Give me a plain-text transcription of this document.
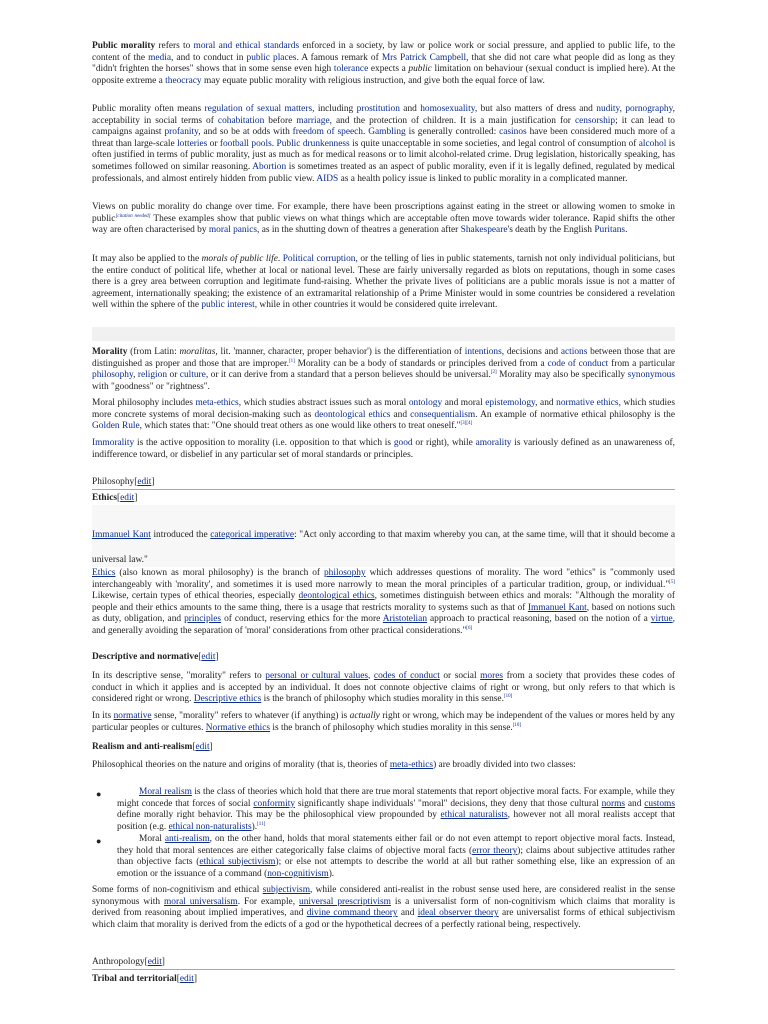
Public morality refers to moral and ethical standards enforced in a society, by law or police work or social pressure, and applied to public life, to the content of the media, and to conduct in public places. A famous remark of Mrs Patrick Campbell, that she did not care what people did as long as they "didn't frighten the horses" shows that in some sense even high tolerance expects a public limitation on behaviour (sexual conduct is implied here). At the opposite extreme a theocracy may equate public morality with religious instruction, and give both the equal force of law.

Public morality often means regulation of sexual matters, including prostitution and homosexuality, but also matters of dress and nudity, pornography, acceptability in social terms of cohabitation before marriage, and the protection of children. It is a main justification for censorship; it can lead to campaigns against profanity, and so be at odds with freedom of speech. Gambling is generally controlled: casinos have been considered much more of a threat than large-scale lotteries or football pools. Public drunkenness is quite unacceptable in some societies, and legal control of consumption of alcohol is often justified in terms of public morality, just as much as for medical reasons or to limit alcohol-related crime. Drug legislation, historically speaking, has sometimes followed on similar reasoning. Abortion is sometimes treated as an aspect of public morality, even if it is legally defined, regulated by medical professionals, and almost entirely hidden from public view. AIDS as a health policy issue is linked to public morality in a complicated manner.

Views on public morality do change over time. For example, there have been proscriptions against eating in the street or allowing women to smoke in public[citation needed] These examples show that public views on what things which are acceptable often move towards wider tolerance. Rapid shifts the other way are often characterised by moral panics, as in the shutting down of theatres a generation after Shakespeare's death by the English Puritans.

It may also be applied to the morals of public life. Political corruption, or the telling of lies in public statements, tarnish not only individual politicians, but the entire conduct of political life, whether at local or national level. These are fairly universally regarded as blots on reputations, though in some cases there is a grey area between corruption and legitimate fund-raising. Whether the private lives of politicians are a public morals issue is not a matter of agreement, internationally speaking; the existence of an extramarital relationship of a Prime Minister would in some countries be considered a revelation well within the sphere of the public interest, while in other countries it would be considered quite irrelevant.

Morality (from Latin: moralitas, lit. 'manner, character, proper behavior') is the differentiation of intentions, decisions and actions between those that are distinguished as proper and those that are improper.[1] Morality can be a body of standards or principles derived from a code of conduct from a particular philosophy, religion or culture, or it can derive from a standard that a person believes should be universal.[2] Morality may also be specifically synonymous with "goodness" or "rightness".

Moral philosophy includes meta-ethics, which studies abstract issues such as moral ontology and moral epistemology, and normative ethics, which studies more concrete systems of moral decision-making such as deontological ethics and consequentialism. An example of normative ethical philosophy is the Golden Rule, which states that: "One should treat others as one would like others to treat oneself."[3][4]

Immorality is the active opposition to morality (i.e. opposition to that which is good or right), while amorality is variously defined as an unawareness of, indifference toward, or disbelief in any particular set of moral standards or principles.

Philosophy[edit]
Ethics[edit]

Immanuel Kant introduced the categorical imperative: "Act only according to that maxim whereby you can, at the same time, will that it should become a universal law."

Ethics (also known as moral philosophy) is the branch of philosophy which addresses questions of morality. The word "ethics" is "commonly used interchangeably with 'morality', and sometimes it is used more narrowly to mean the moral principles of a particular tradition, group, or individual."[5] Likewise, certain types of ethical theories, especially deontological ethics, sometimes distinguish between ethics and morals: "Although the morality of people and their ethics amounts to the same thing, there is a usage that restricts morality to systems such as that of Immanuel Kant, based on notions such as duty, obligation, and principles of conduct, reserving ethics for the more Aristotelian approach to practical reasoning, based on the notion of a virtue, and generally avoiding the separation of 'moral' considerations from other practical considerations."[6]

Descriptive and normative[edit]

In its descriptive sense, "morality" refers to personal or cultural values, codes of conduct or social mores from a society that provides these codes of conduct in which it applies and is accepted by an individual. It does not connote objective claims of right or wrong, but only refers to that which is considered right or wrong. Descriptive ethics is the branch of philosophy which studies morality in this sense.[10]

In its normative sense, "morality" refers to whatever (if anything) is actually right or wrong, which may be independent of the values or mores held by any particular peoples or cultures. Normative ethics is the branch of philosophy which studies morality in this sense.[10]

Realism and anti-realism[edit]

Philosophical theories on the nature and origins of morality (that is, theories of meta-ethics) are broadly divided into two classes:

●	Moral realism is the class of theories which hold that there are true moral statements that report objective moral facts. For example, while they might concede that forces of social conformity significantly shape individuals' "moral" decisions, they deny that those cultural norms and customs define morally right behavior. This may be the philosophical view propounded by ethical naturalists, however not all moral realists accept that position (e.g. ethical non-naturalists).[11]

●	Moral anti-realism, on the other hand, holds that moral statements either fail or do not even attempt to report objective moral facts. Instead, they hold that moral sentences are either categorically false claims of objective moral facts (error theory); claims about subjective attitudes rather than objective facts (ethical subjectivism); or else not attempts to describe the world at all but rather something else, like an expression of an emotion or the issuance of a command (non-cognitivism).

Some forms of non-cognitivism and ethical subjectivism, while considered anti-realist in the robust sense used here, are considered realist in the sense synonymous with moral universalism. For example, universal prescriptivism is a universalist form of non-cognitivism which claims that morality is derived from reasoning about implied imperatives, and divine command theory and ideal observer theory are universalist forms of ethical subjectivism which claim that morality is derived from the edicts of a god or the hypothetical decrees of a perfectly rational being, respectively.

Anthropology[edit]
Tribal and territorial[edit]
